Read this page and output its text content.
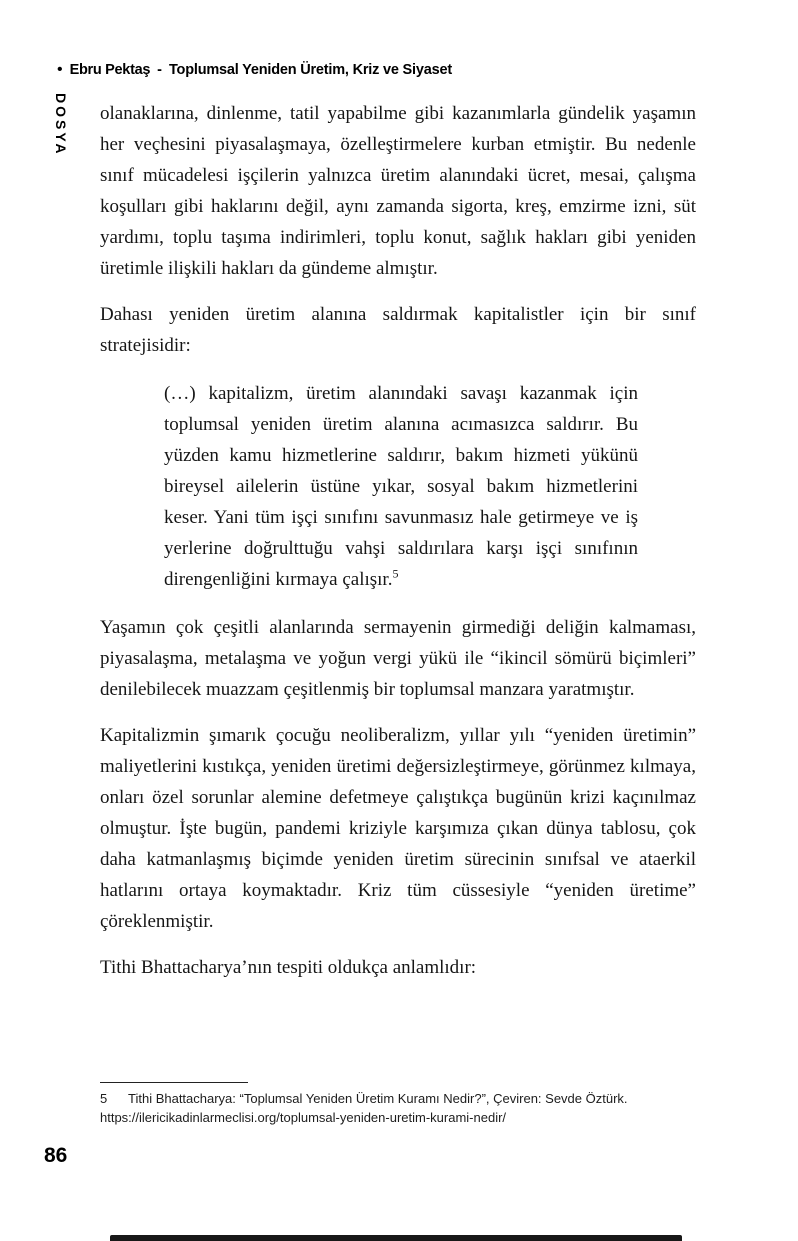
• Ebru Pektaş - Toplumsal Yeniden Üretim, Kriz ve Siyaset
DOSYA olanaklarına, dinlenme, tatil yapabilme gibi kazanımlarla gündelik yaşamın her veçhesini piyasalaşmaya, özelleştirmelere kurban etmiştir. Bu nedenle sınıf mücadelesi işçilerin yalnızca üretim alanındaki ücret, mesai, çalışma koşulları gibi haklarını değil, aynı zamanda sigorta, kreş, emzirme izni, süt yardımı, toplu taşıma indirimleri, toplu konut, sağlık hakları gibi yeniden üretimle ilişkili hakları da gündeme almıştır.

Dahası yeniden üretim alanına saldırmak kapitalistler için bir sınıf stratejisidir:

(…) kapitalizm, üretim alanındaki savaşı kazanmak için toplumsal yeniden üretim alanına acımasızca saldırır. Bu yüzden kamu hizmetlerine saldırır, bakım hizmeti yükünü bireysel ailelerin üstüne yıkar, sosyal bakım hizmetlerini keser. Yani tüm işçi sınıfını savunmasız hale getirmeye ve iş yerlerine doğrulttuğu vahşi saldırılara karşı işçi sınıfının direngenliğini kırmaya çalışır.$^5$

Yaşamın çok çeşitli alanlarında sermayenin girmediği deliğin kalmaması, piyasalaşma, metalaşma ve yoğun vergi yükü ile “ikincil sömürü biçimleri” denilebilecek muazzam çeşitlenmiş bir toplumsal manzara yaratmıştır.

Kapitalizmin şımarık çocuğu neoliberalizm, yıllar yılı “yeniden üretimin” maliyetlerini kıstıkça, yeniden üretimi değersizleştirmeye, görünmez kılmaya, onları özel sorunlar alemine defetmeye çalıştıkça bugünün krizi kaçınılmaz olmuştur. İşte bugün, pandemi kriziyle karşımıza çıkan dünya tablosu, çok daha katmanlaşmış biçimde yeniden üretim sürecinin sınıfsal ve ataerkil hatlarını ortaya koymaktadır. Kriz tüm cüssesiyle “yeniden üretime” çöreklenmiştir.

Tithi Bhattacharya’nın tespiti oldukça anlamlıdır:

5 Tithi Bhattacharya: “Toplumsal Yeniden Üretim Kuramı Nedir?”, Çeviren: Sevde Öztürk.
https://ilericikadinlarmeclisi.org/toplumsal-yeniden-uretim-kurami-nedir/
86
